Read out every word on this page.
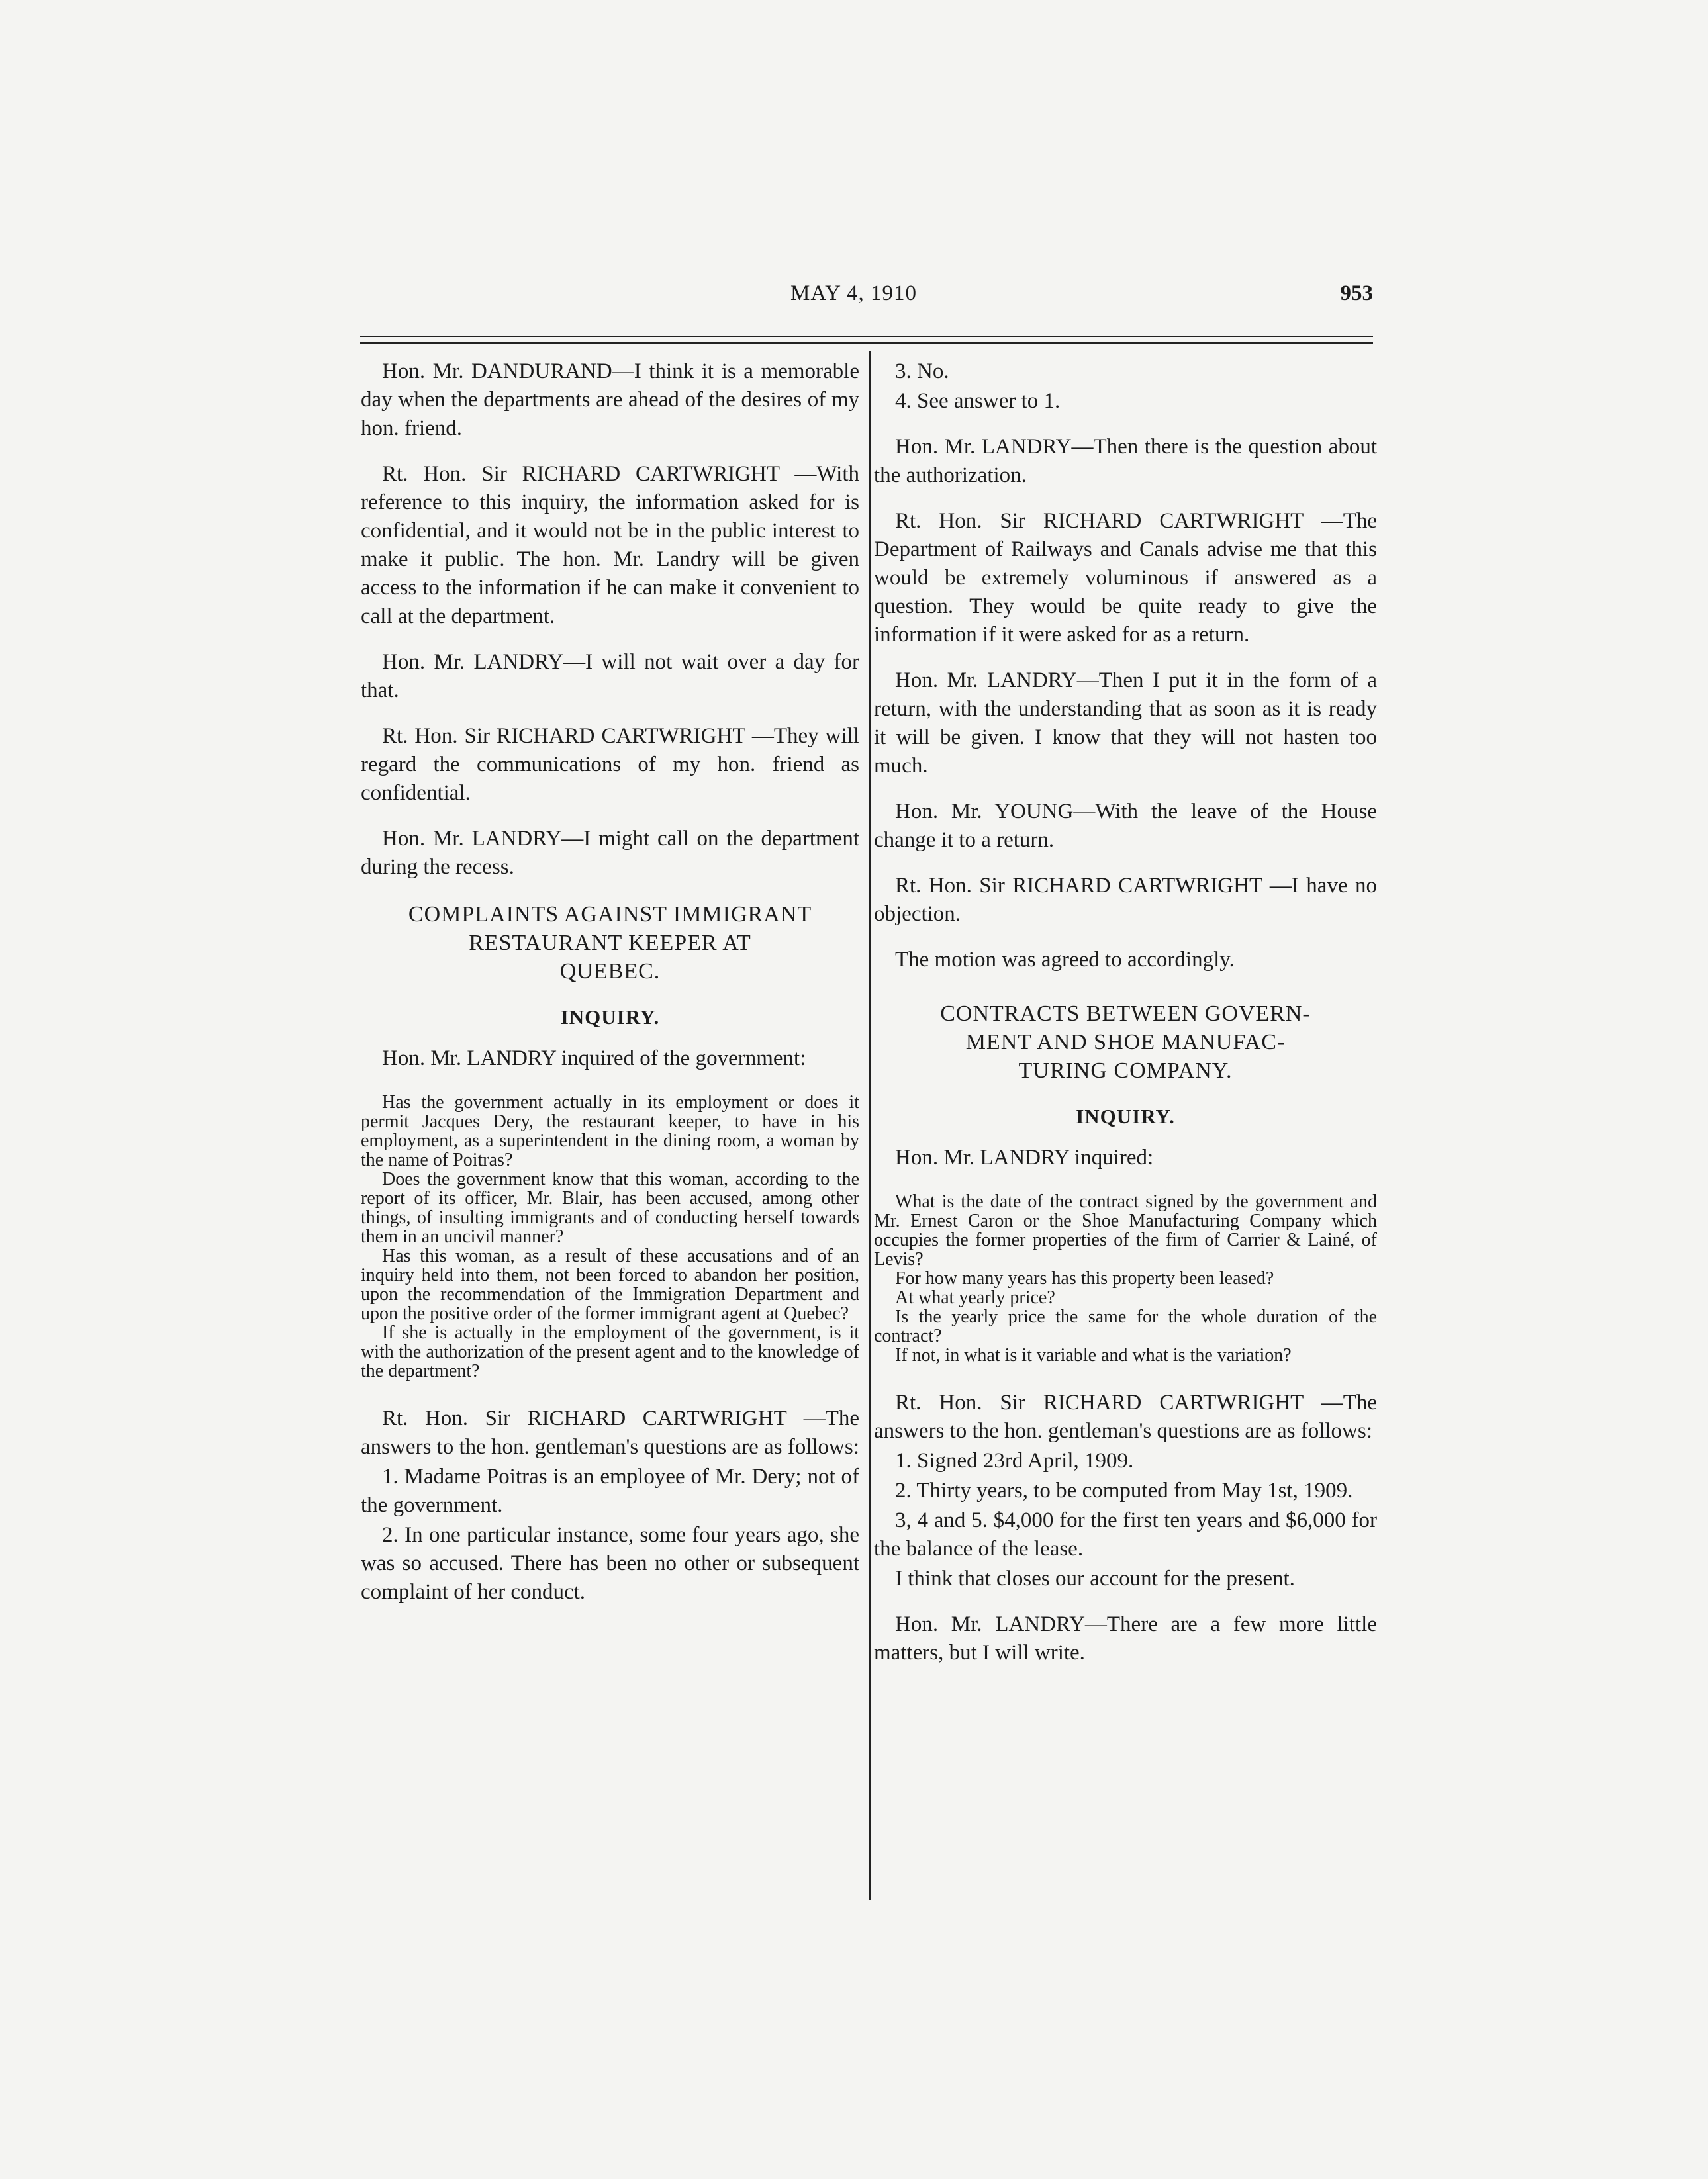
MAY 4, 1910	953

Hon. Mr. DANDURAND—I think it is a memorable day when the departments are ahead of the desires of my hon. friend.

Rt. Hon. Sir RICHARD CARTWRIGHT —With reference to this inquiry, the information asked for is confidential, and it would not be in the public interest to make it public. The hon. Mr. Landry will be given access to the information if he can make it convenient to call at the department.

Hon. Mr. LANDRY—I will not wait over a day for that.

Rt. Hon. Sir RICHARD CARTWRIGHT —They will regard the communications of my hon. friend as confidential.

Hon. Mr. LANDRY—I might call on the department during the recess.

COMPLAINTS AGAINST IMMIGRANT

RESTAURANT KEEPER AT

QUEBEC.

INQUIRY.

Hon. Mr. LANDRY inquired of the government:

Has the government actually in its employment or does it permit Jacques Dery, the restaurant keeper, to have in his employment, as a superintendent in the dining room, a woman by the name of Poitras?

Does the government know that this woman, according to the report of its officer, Mr. Blair, has been accused, among other things, of insulting immigrants and of conducting herself towards them in an uncivil manner?

Has this woman, as a result of these accusations and of an inquiry held into them, not been forced to abandon her position, upon the recommendation of the Immigration Department and upon the positive order of the former immigrant agent at Quebec?

If she is actually in the employment of the government, is it with the authorization of the present agent and to the knowledge of the department?

Rt. Hon. Sir RICHARD CARTWRIGHT —The answers to the hon. gentleman's questions are as follows:

1. Madame Poitras is an employee of Mr. Dery; not of the government.

2. In one particular instance, some four years ago, she was so accused. There has been no other or subsequent complaint of her conduct.

3. No.

4. See answer to 1.

Hon. Mr. LANDRY—Then there is the question about the authorization.

Rt. Hon. Sir RICHARD CARTWRIGHT —The Department of Railways and Canals advise me that this would be extremely voluminous if answered as a question. They would be quite ready to give the information if it were asked for as a return.

Hon. Mr. LANDRY—Then I put it in the form of a return, with the understanding that as soon as it is ready it will be given. I know that they will not hasten too much.

Hon. Mr. YOUNG—With the leave of the House change it to a return.

Rt. Hon. Sir RICHARD CARTWRIGHT —I have no objection.

The motion was agreed to accordingly.

CONTRACTS BETWEEN GOVERN-

MENT AND SHOE MANUFAC-

TURING COMPANY.

INQUIRY.

Hon. Mr. LANDRY inquired:

What is the date of the contract signed by the government and Mr. Ernest Caron or the Shoe Manufacturing Company which occupies the former properties of the firm of Carrier & Lainé, of Levis?

For how many years has this property been leased?

At what yearly price?

Is the yearly price the same for the whole duration of the contract?

If not, in what is it variable and what is the variation?

Rt. Hon. Sir RICHARD CARTWRIGHT —The answers to the hon. gentleman's questions are as follows:

1. Signed 23rd April, 1909.

2. Thirty years, to be computed from May 1st, 1909.

3, 4 and 5. $4,000 for the first ten years and $6,000 for the balance of the lease.

I think that closes our account for the present.

Hon. Mr. LANDRY—There are a few more little matters, but I will write.
